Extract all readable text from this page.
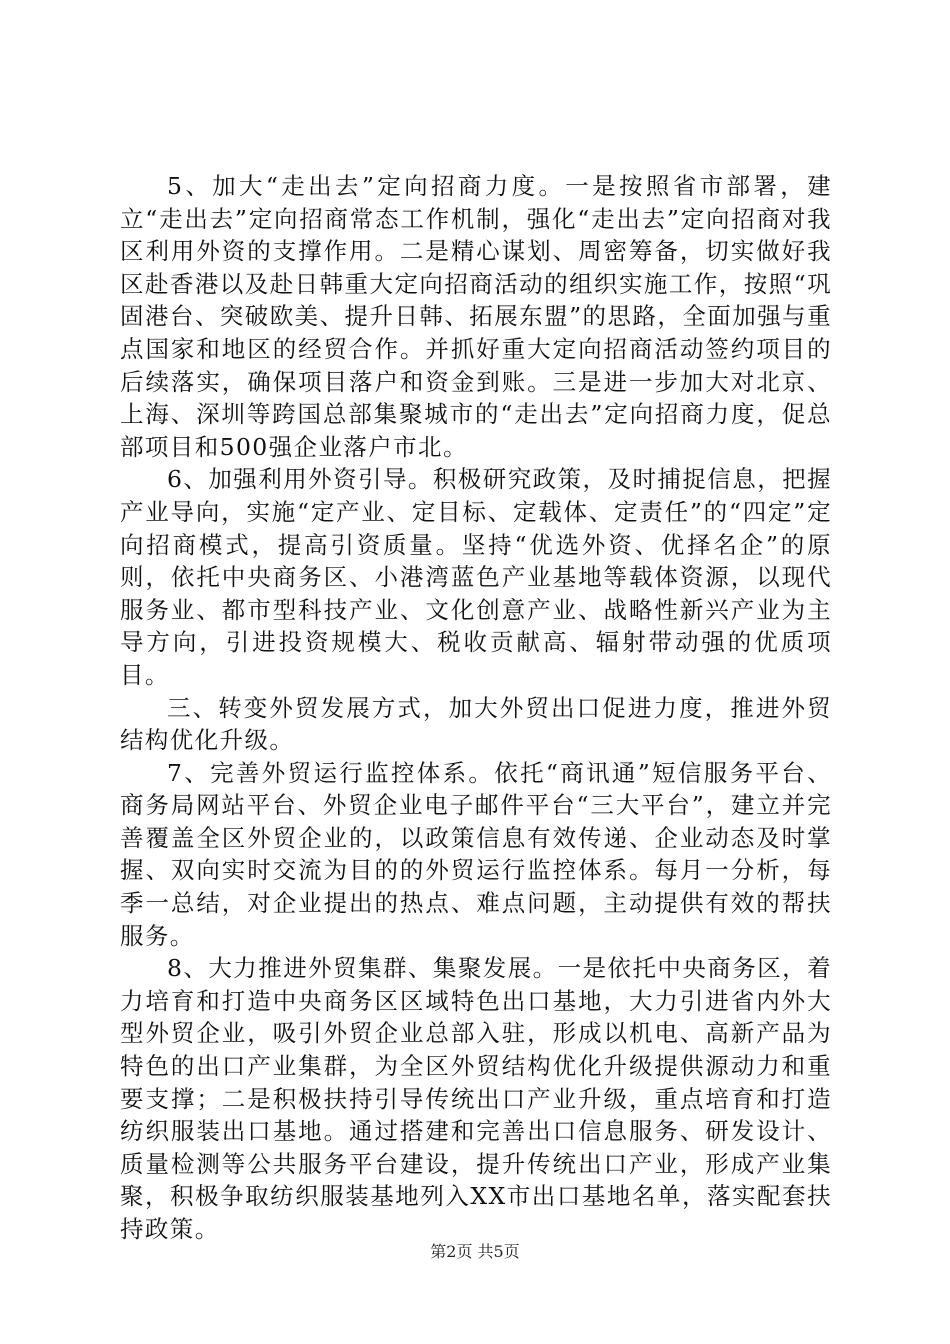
5、加大“走出去”定向招商力度。一是按照省市部署，建立“走出去”定向招商常态工作机制，强化“走出去”定向招商对我区利用外资的支撑作用。二是精心谋划、周密筹备，切实做好我区赴香港以及赴日韩重大定向招商活动的组织实施工作，按照“巩固港台、突破欧美、提升日韩、拓展东盟”的思路，全面加强与重点国家和地区的经贸合作。并抓好重大定向招商活动签约项目的后续落实，确保项目落户和资金到账。三是进一步加大对北京、上海、深圳等跨国总部集聚城市的“走出去”定向招商力度，促总部项目和500强企业落户市北。

6、加强利用外资引导。积极研究政策，及时捕捉信息，把握产业导向，实施“定产业、定目标、定载体、定责任”的“四定”定向招商模式，提高引资质量。坚持“优选外资、优择名企”的原则，依托中央商务区、小港湾蓝色产业基地等载体资源，以现代服务业、都市型科技产业、文化创意产业、战略性新兴产业为主导方向，引进投资规模大、税收贡献高、辐射带动强的优质项目。

三、转变外贸发展方式，加大外贸出口促进力度，推进外贸结构优化升级。

7、完善外贸运行监控体系。依托“商讯通”短信服务平台、商务局网站平台、外贸企业电子邮件平台“三大平台”，建立并完善覆盖全区外贸企业的，以政策信息有效传递、企业动态及时掌握、双向实时交流为目的的外贸运行监控体系。每月一分析，每季一总结，对企业提出的热点、难点问题，主动提供有效的帮扶服务。

8、大力推进外贸集群、集聚发展。一是依托中央商务区，着力培育和打造中央商务区区域特色出口基地，大力引进省内外大型外贸企业，吸引外贸企业总部入驻，形成以机电、高新产品为特色的出口产业集群，为全区外贸结构优化升级提供源动力和重要支撑；二是积极扶持引导传统出口产业升级，重点培育和打造纺织服装出口基地。通过搭建和完善出口信息服务、研发设计、质量检测等公共服务平台建设，提升传统出口产业，形成产业集聚，积极争取纺织服装基地列入XX市出口基地名单，落实配套扶持政策。

第2页 共5页
